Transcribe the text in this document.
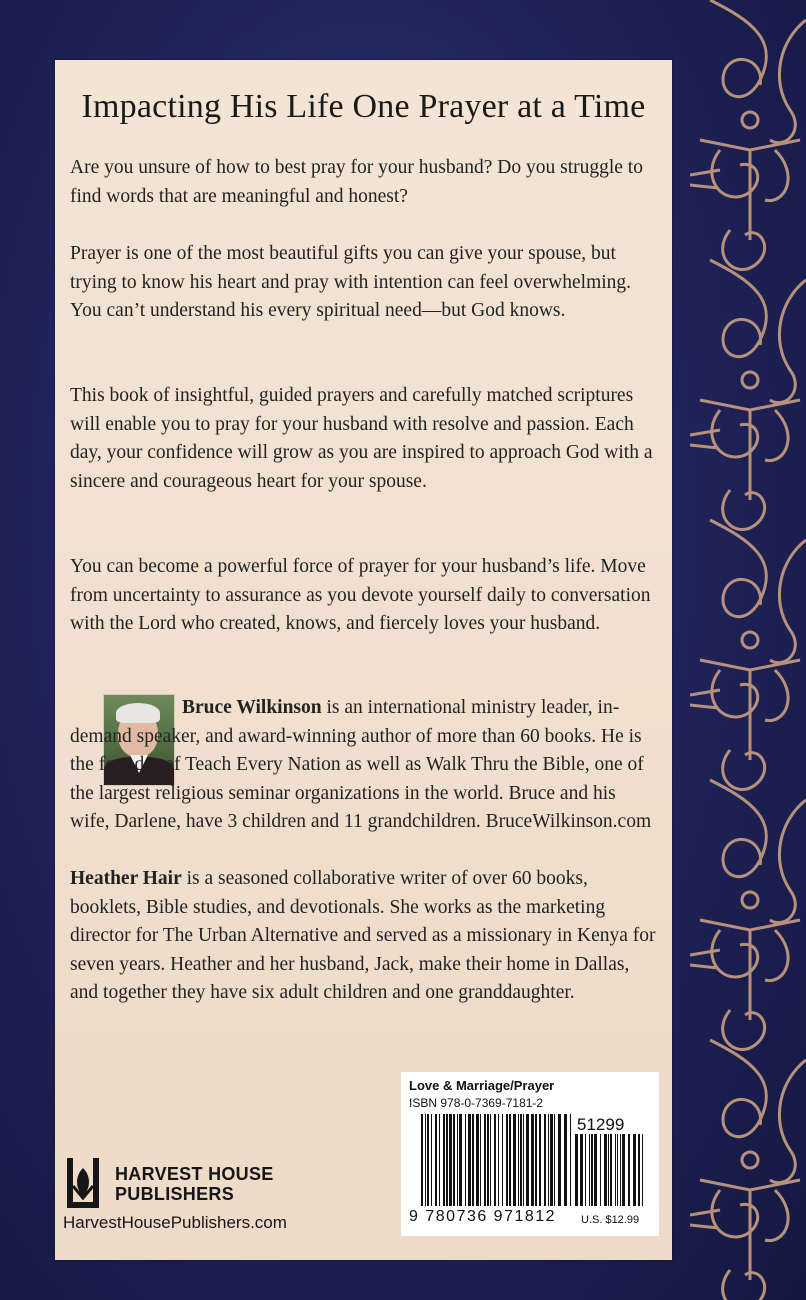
Impacting His Life One Prayer at a Time

Are you unsure of how to best pray for your husband? Do you struggle to find words that are meaningful and honest?

Prayer is one of the most beautiful gifts you can give your spouse, but trying to know his heart and pray with intention can feel overwhelming. You can’t understand his every spiritual need—but God knows.

This book of insightful, guided prayers and carefully matched scriptures will enable you to pray for your husband with resolve and passion. Each day, your confidence will grow as you are inspired to approach God with a sincere and courageous heart for your spouse.

You can become a powerful force of prayer for your husband’s life. Move from uncertainty to assurance as you devote yourself daily to conversation with the Lord who created, knows, and fiercely loves your husband.

Bruce Wilkinson is an international ministry leader, in-demand speaker, and award-winning author of more than 60 books. He is the founder of Teach Every Nation as well as Walk Thru the Bible, one of the largest religious seminar organizations in the world. Bruce and his wife, Darlene, have 3 children and 11 grandchildren. BruceWilkinson.com

Heather Hair is a seasoned collaborative writer of over 60 books, booklets, Bible studies, and devotionals. She works as the marketing director for The Urban Alternative and served as a missionary in Kenya for seven years. Heather and her husband, Jack, make their home in Dallas, and together they have six adult children and one granddaughter.

HARVEST HOUSE
PUBLISHERS
HarvestHousePublishers.com
Love & Marriage/Prayer
ISBN 978-0-7369-7181-2
51299
9 780736 971812 U.S. $12.99
